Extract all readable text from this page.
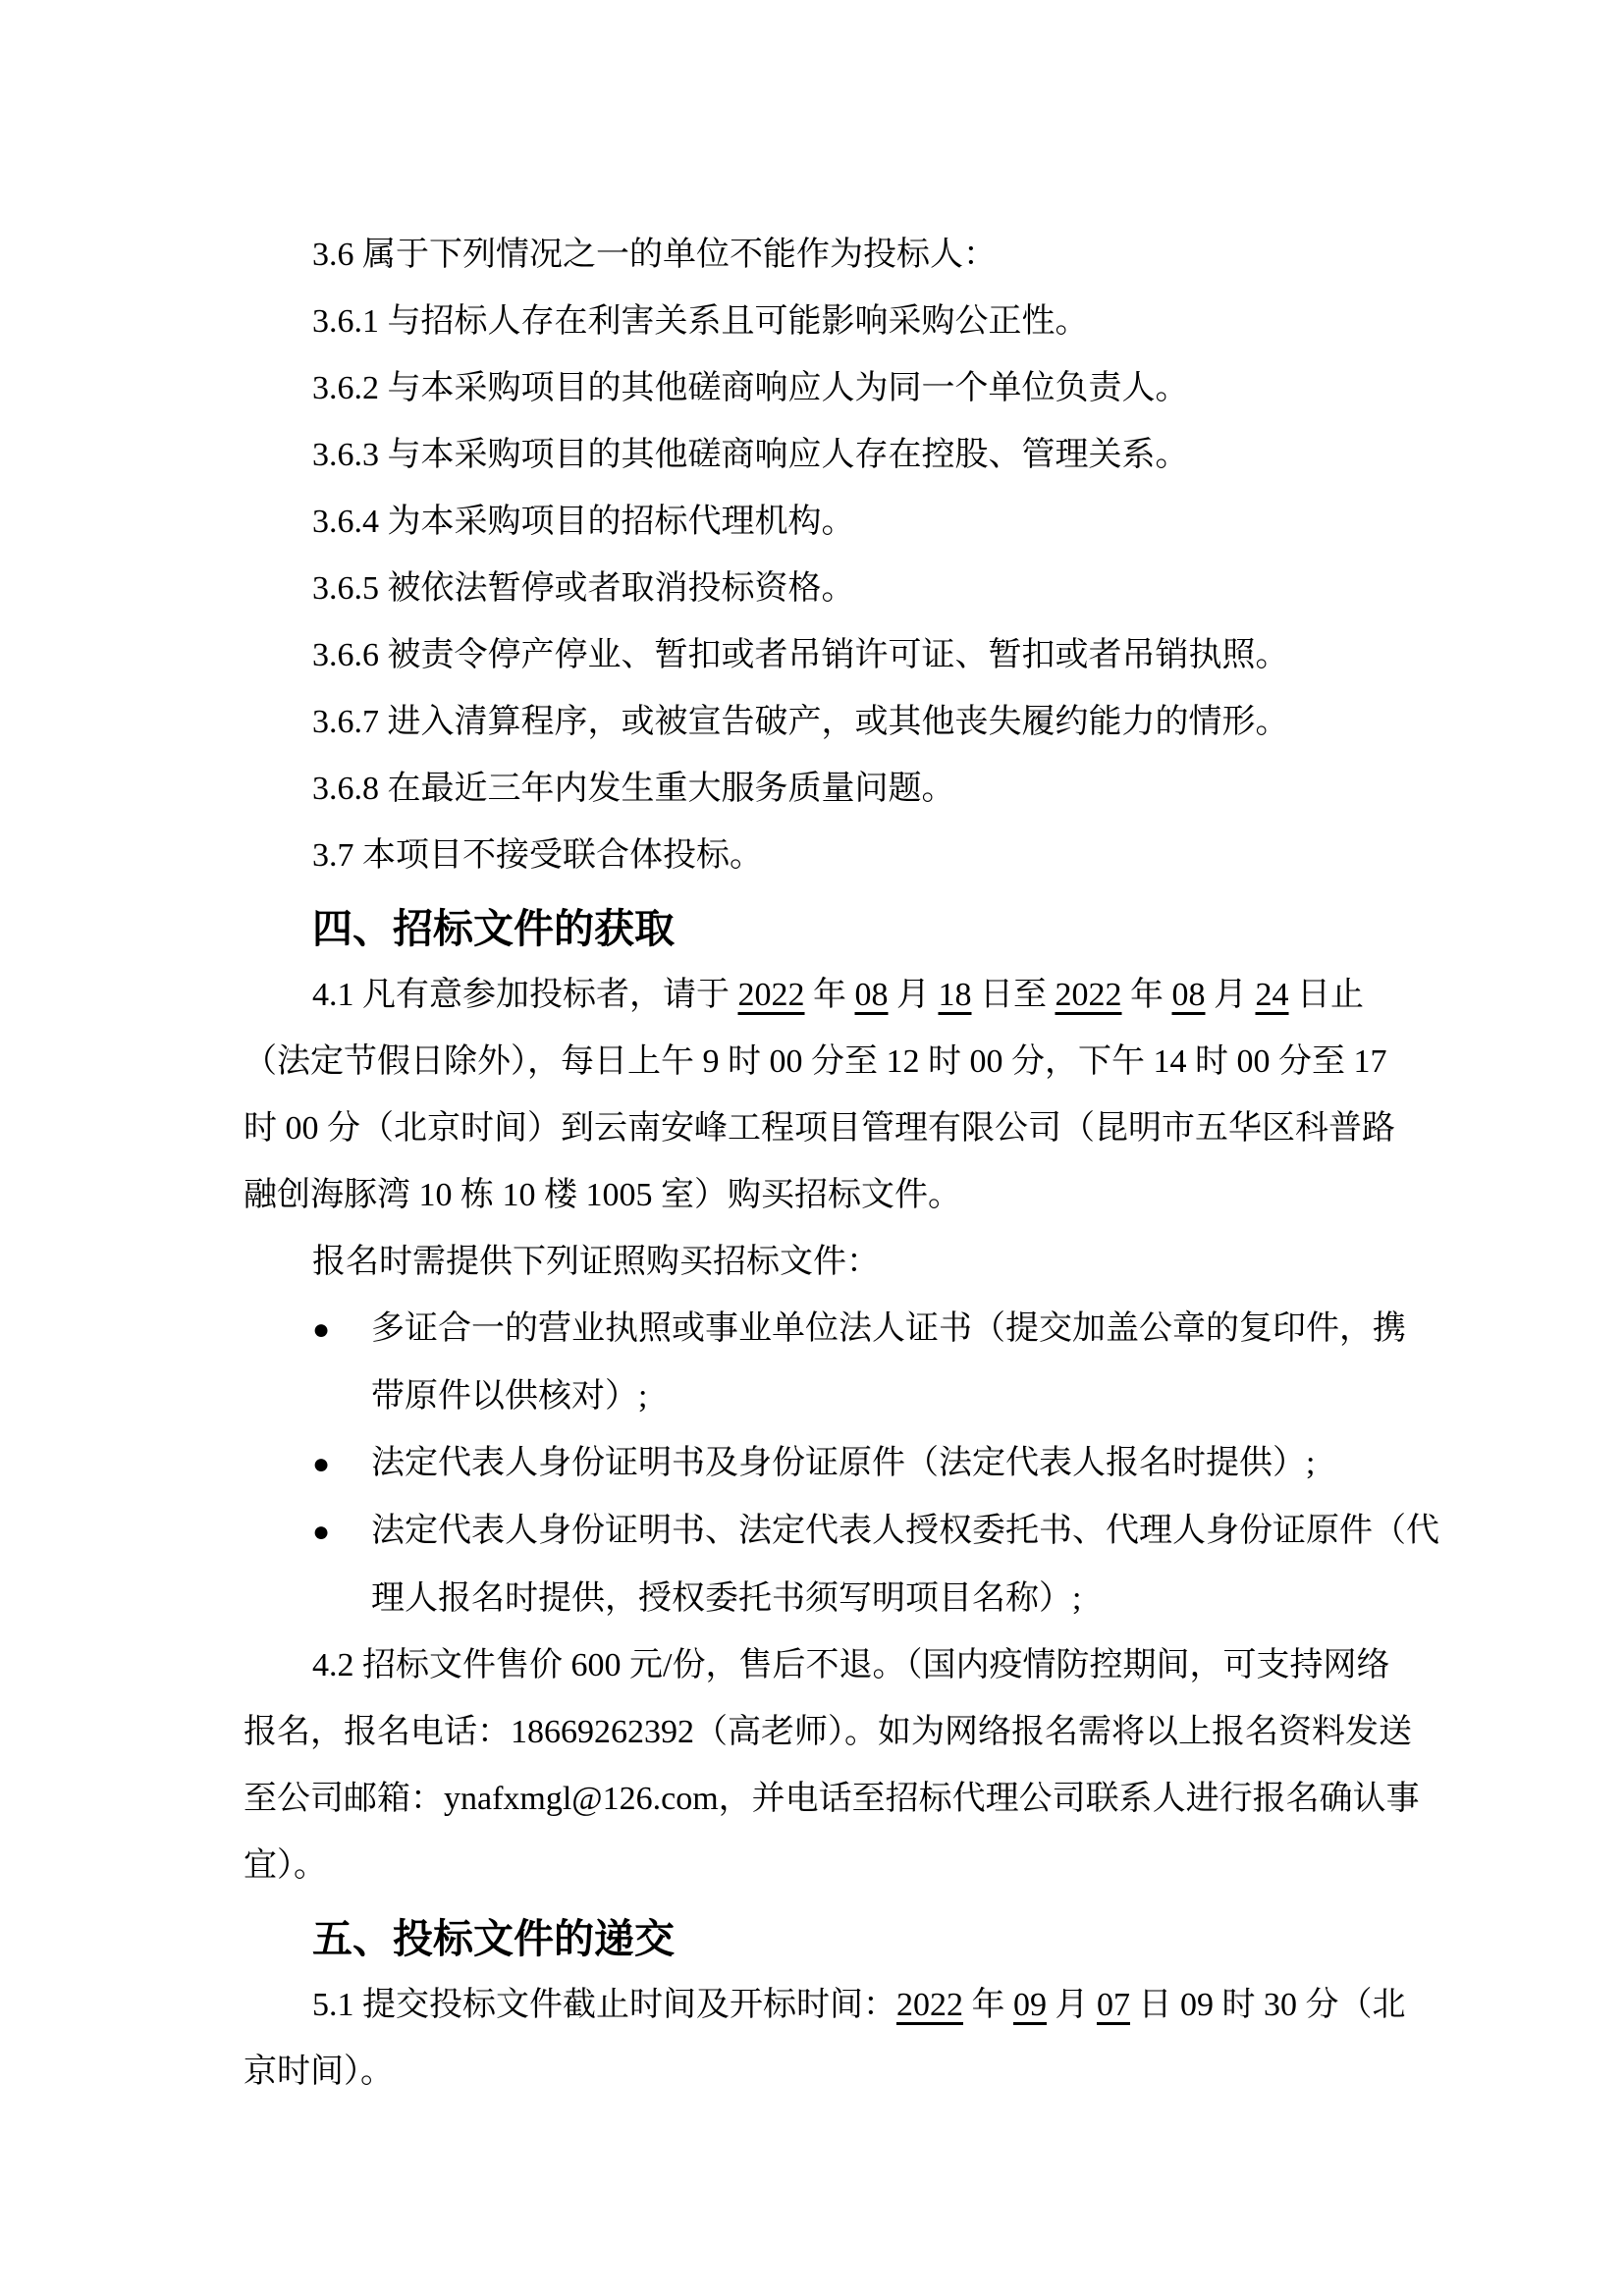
3.6 属于下列情况之一的单位不能作为投标人：
3.6.1 与招标人存在利害关系且可能影响采购公正性。
3.6.2 与本采购项目的其他磋商响应人为同一个单位负责人。
3.6.3 与本采购项目的其他磋商响应人存在控股、管理关系。
3.6.4 为本采购项目的招标代理机构。
3.6.5 被依法暂停或者取消投标资格。
3.6.6 被责令停产停业、暂扣或者吊销许可证、暂扣或者吊销执照。
3.6.7 进入清算程序，或被宣告破产，或其他丧失履约能力的情形。
3.6.8 在最近三年内发生重大服务质量问题。
3.7 本项目不接受联合体投标。
四、招标文件的获取
4.1 凡有意参加投标者，请于 2022 年 08 月 18 日至 2022 年 08 月 24 日止
（法定节假日除外），每日上午 9 时 00 分至 12 时 00 分，下午 14 时 00 分至 17
时 00 分（北京时间）到云南安峰工程项目管理有限公司（昆明市五华区科普路
融创海豚湾 10 栋 10 楼 1005 室）购买招标文件。
报名时需提供下列证照购买招标文件：
●	多证合一的营业执照或事业单位法人证书（提交加盖公章的复印件，携
带原件以供核对）;
●	法定代表人身份证明书及身份证原件（法定代表人报名时提供）;
●	法定代表人身份证明书、法定代表人授权委托书、代理人身份证原件（代
理人报名时提供，授权委托书须写明项目名称）;
4.2 招标文件售价 600 元/份，售后不退。（国内疫情防控期间，可支持网络
报名，报名电话：18669262392（高老师）。如为网络报名需将以上报名资料发送
至公司邮箱：ynafxmgl@126.com，并电话至招标代理公司联系人进行报名确认事
宜）。
五、投标文件的递交
5.1 提交投标文件截止时间及开标时间：2022 年 09 月 07 日 09 时 30 分（北
京时间）。
